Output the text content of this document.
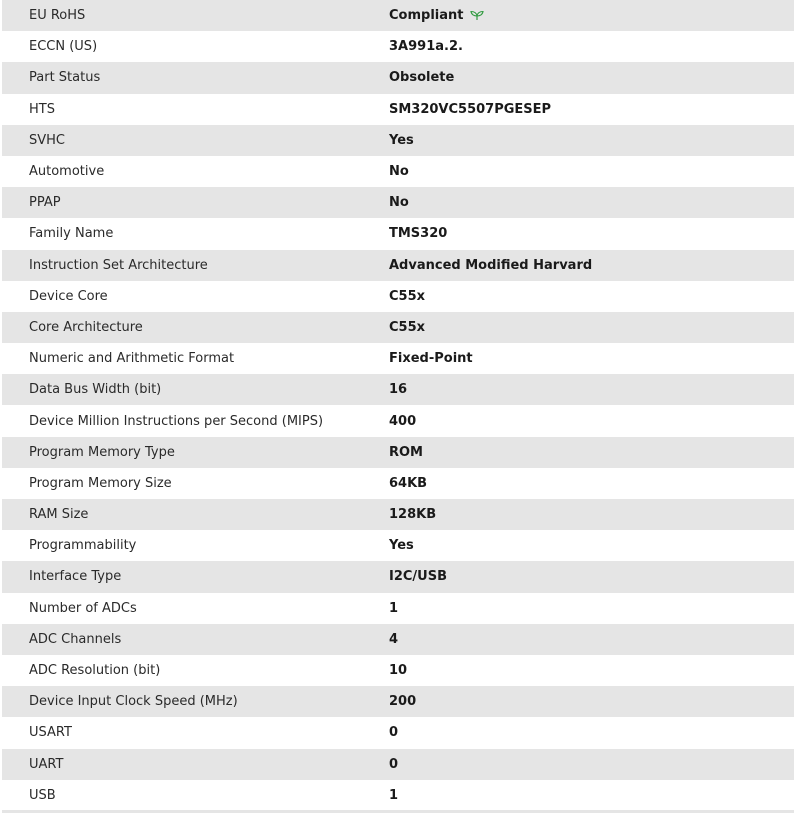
EU RoHS	Compliant
ECCN (US)	3A991a.2.
Part Status	Obsolete
HTS	SM320VC5507PGESEP
SVHC	Yes
Automotive	No
PPAP	No
Family Name	TMS320
Instruction Set Architecture	Advanced Modified Harvard
Device Core	C55x
Core Architecture	C55x
Numeric and Arithmetic Format	Fixed-Point
Data Bus Width (bit)	16
Device Million Instructions per Second (MIPS)	400
Program Memory Type	ROM
Program Memory Size	64KB
RAM Size	128KB
Programmability	Yes
Interface Type	I2C/USB
Number of ADCs	1
ADC Channels	4
ADC Resolution (bit)	10
Device Input Clock Speed (MHz)	200
USART	0
UART	0
USB	1
